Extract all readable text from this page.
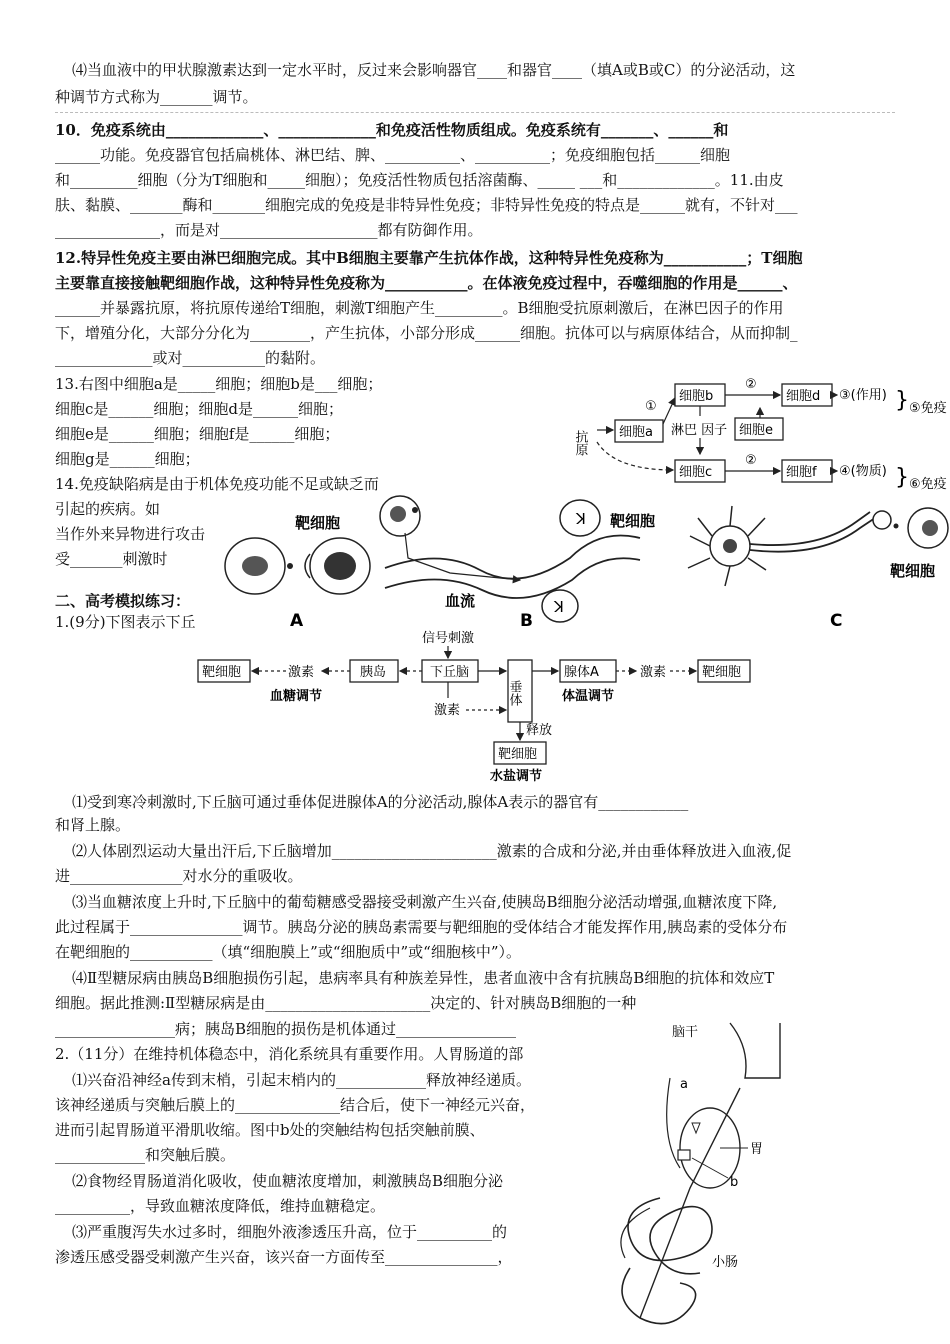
⑷当血液中的甲状腺激素达到一定水平时，反过来会影响器官____和器官____（填A或B或C）的分泌活动，这
种调节方式称为_______调节。
10．免疫系统由_____________、_____________和免疫活性物质组成。免疫系统有_______、______和
______功能。免疫器官包括扁桃体、淋巴结、脾、__________、__________；免疫细胞包括______细胞
和_________细胞（分为T细胞和_____细胞）；免疫活性物质包括溶菌酶、_____ ___和_____________。11.由皮
肤、黏膜、_______酶和_______细胞完成的免疫是非特异性免疫；非特异性免疫的特点是______就有，不针对___
______________，而是对_____________________都有防御作用。
12.特异性免疫主要由淋巴细胞完成。其中B细胞主要靠产生抗体作战，这种特异性免疫称为___________；T细胞
主要靠直接接触靶细胞作战，这种特异性免疫称为___________。在体液免疫过程中，吞噬细胞的作用是______、
______并暴露抗原，将抗原传递给T细胞，刺激T细胞产生_________。B细胞受抗原刺激后，在淋巴因子的作用
下，增殖分化，大部分分化为________，产生抗体，小部分形成______细胞。抗体可以与病原体结合，从而抑制_
_____________或对___________的黏附。
13.右图中细胞a是_____细胞；细胞b是___细胞；
细胞c是______细胞；细胞d是______细胞；
细胞e是______细胞；细胞f是______细胞；
细胞g是______细胞；
14.免疫缺陷病是由于机体免疫功能不足或缺乏而
引起的疾病。如
当作外来异物进行攻击
受_______刺激时
二、高考模拟练习：
1.(9分)下图表示下丘
⑴受到寒冷刺激时,下丘脑可通过垂体促进腺体A的分泌活动,腺体A表示的器官有____________
和肾上腺。
⑵人体剧烈运动大量出汗后,下丘脑增加______________________激素的合成和分泌,并由垂体释放进入血液,促
进_______________对水分的重吸收。
⑶当血糖浓度上升时,下丘脑中的葡萄糖感受器接受刺激产生兴奋,使胰岛B细胞分泌活动增强,血糖浓度下降,
此过程属于_______________调节。胰岛分泌的胰岛素需要与靶细胞的受体结合才能发挥作用,胰岛素的受体分布
在靶细胞的___________（填“细胞膜上”或“细胞质中”或“细胞核中”）。
⑷Ⅱ型糖尿病由胰岛B细胞损伤引起，患病率具有种族差异性，患者血液中含有抗胰岛B细胞的抗体和效应T
细胞。据此推测:Ⅱ型糖尿病是由______________________决定的、针对胰岛B细胞的一种
________________病；胰岛B细胞的损伤是机体通过________________
2.（11分）在维持机体稳态中，消化系统具有重要作用。人胃肠道的部
⑴兴奋沿神经a传到末梢，引起末梢内的____________释放神经递质。
该神经递质与突触后膜上的______________结合后，使下一神经元兴奋，
进而引起胃肠道平滑肌收缩。图中b处的突触结构包括突触前膜、
____________和突触后膜。
⑵食物经胃肠道消化吸收，使血糖浓度增加，刺激胰岛B细胞分泌
__________，导致血糖浓度降低，维持血糖稳定。
⑶严重腹泻失水过多时，细胞外液渗透压升高，位于__________的
渗透压感受器受刺激产生兴奋，该兴奋一方面传至_______________，
抗原 细胞a
①
细胞b
②
细胞d ③(作用) } ⑤免疫
细胞e
淋巴 因子
细胞c
②
细胞f ④(物质) } ⑥免疫
靶细胞
A
ꓘ
ꓘ
靶细胞
血流
B
靶细胞
C
信号刺激
下丘脑
胰岛
激素
靶细胞
血糖调节	垂体
激素
腺体A	激素	靶细胞
体温调节
释放
靶细胞
水盐调节
脑干
a
胃
b
小肠
